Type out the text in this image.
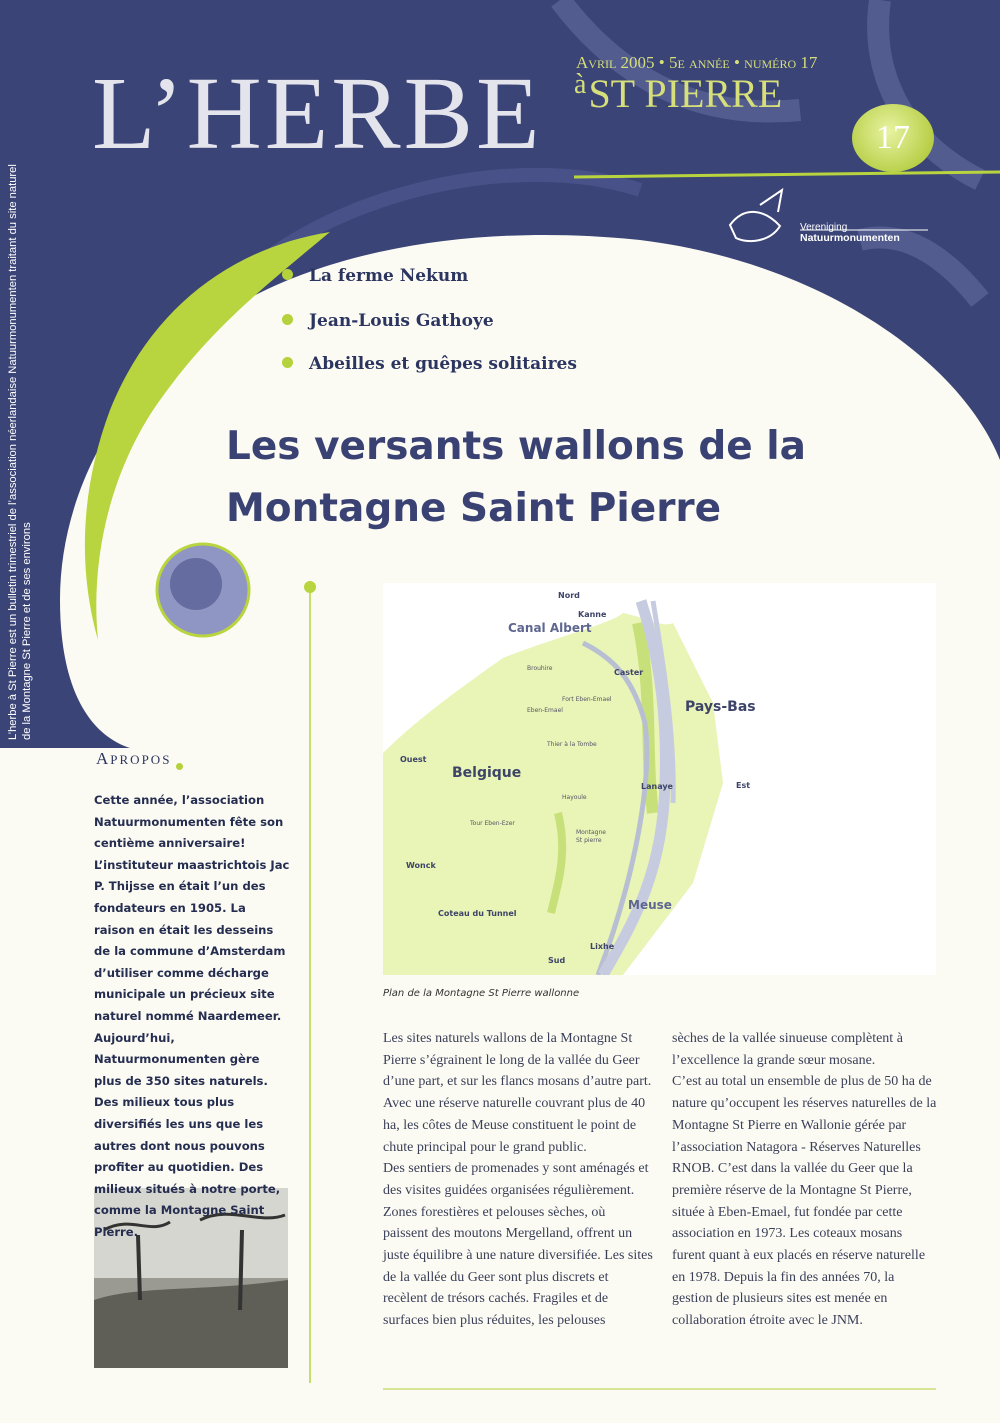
Nord
Kanne
Canal Albert
Caster
Brouhire
Fort Eben-Emael
Eben-Emael	Pays-Bas
Ouest
Thier à la Tombe
Belgique
Lanaye	Est
Hayoule
Tour Eben-Ezer
Montagne
St pierre
Wonck
Meuse
Coteau du Tunnel
Lixhe
Sud
L’HERBE Avril 2005 • 5e année • numéro 17
$^à$ST PIERRE
17
Vereniging
Natuurmonumenten
L’herbe à St Pierre est un bulletin trimestriel de l’association néerlandaise Natuurmonumenten traitant du site naturel de la Montagne St Pierre et de ses environs
La ferme Nekum
Jean-Louis Gathoye
Abeilles et guêpes solitaires
Les versants wallons de la
Montagne Saint Pierre
APROPOS
Cette année, l’association Natuurmonumenten fête son centième anniversaire! L’instituteur maastrichtois Jac P. Thijsse en était l’un des fondateurs en 1905. La raison en était les desseins de la commune d’Amsterdam d’utiliser comme décharge municipale un précieux site naturel nommé Naardemeer. Aujourd’hui, Natuurmonumenten gère plus de 350 sites naturels. Des milieux tous plus diversifiés les uns que les autres dont nous pouvons profiter au quotidien. Des milieux situés à notre porte, comme la Montagne Saint Pierre.
Plan de la Montagne St Pierre wallonne
Les sites naturels wallons de la Montagne St Pierre s’égrainent le long de la vallée du Geer d’une part, et sur les flancs mosans d’autre part. Avec une réserve naturelle couvrant plus de 40 ha, les côtes de Meuse constituent le point de chute principal pour le grand public.
Des sentiers de promenades y sont aménagés et des visites guidées organisées régulièrement. Zones forestières et pelouses sèches, où paissent des moutons Mergelland, offrent un juste équilibre à une nature diversifiée. Les sites de la vallée du Geer sont plus discrets et recèlent de trésors cachés. Fragiles et de surfaces bien plus réduites, les pelouses
sèches de la vallée sinueuse complètent à l’excellence la grande sœur mosane.
C’est au total un ensemble de plus de 50 ha de nature qu’occupent les réserves naturelles de la Montagne St Pierre en Wallonie gérée par l’association Natagora - Réserves Naturelles RNOB. C’est dans la vallée du Geer que la première réserve de la Montagne St Pierre, située à Eben-Emael, fut fondée par cette association en 1973. Les coteaux mosans furent quant à eux placés en réserve naturelle en 1978. Depuis la fin des années 70, la gestion de plusieurs sites est menée en collaboration étroite avec le JNM.
